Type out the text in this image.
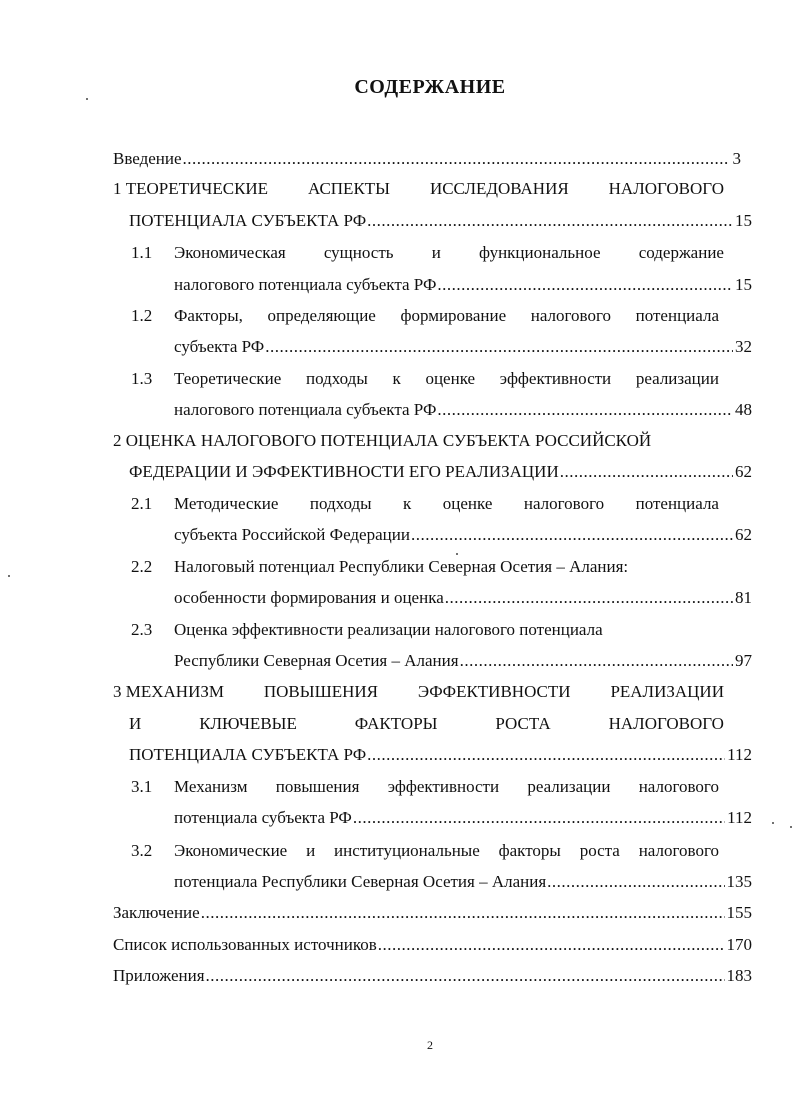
СОДЕРЖАНИЕ
Введение .....	3
1 ТЕОРЕТИЧЕСКИЕ АСПЕКТЫ ИССЛЕДОВАНИЯ НАЛОГОВОГО
ПОТЕНЦИАЛА СУБЪЕКТА РФ .....	15
1.1 Экономическая сущность и функциональное содержание
налогового потенциала субъекта РФ .....	15
1.2 Факторы, определяющие формирование налогового потенциала
субъекта РФ .....	32
1.3 Теоретические подходы к оценке эффективности реализации
налогового потенциала субъекта РФ .....	48
2 ОЦЕНКА НАЛОГОВОГО ПОТЕНЦИАЛА СУБЪЕКТА РОССИЙСКОЙ
ФЕДЕРАЦИИ И ЭФФЕКТИВНОСТИ ЕГО РЕАЛИЗАЦИИ .....	62
2.1 Методические подходы к оценке налогового потенциала
субъекта Российской Федерации .....	62
2.2 Налоговый потенциал Республики Северная Осетия – Алания:
особенности формирования и оценка .....	81
2.3 Оценка эффективности реализации налогового потенциала
Республики Северная Осетия – Алания .....	97
3 МЕХАНИЗМ ПОВЫШЕНИЯ ЭФФЕКТИВНОСТИ РЕАЛИЗАЦИИ
И	КЛЮЧЕВЫЕ	ФАКТОРЫ	РОСТА	НАЛОГОВОГО
ПОТЕНЦИАЛА СУБЪЕКТА РФ .....	112
3.1 Механизм повышения эффективности реализации налогового
потенциала субъекта РФ .....	112
3.2 Экономические и институциональные факторы роста налогового
потенциала Республики Северная Осетия – Алания .....	135
Заключение .....	155
Список использованных источников .....	170
Приложения .....	183
2
